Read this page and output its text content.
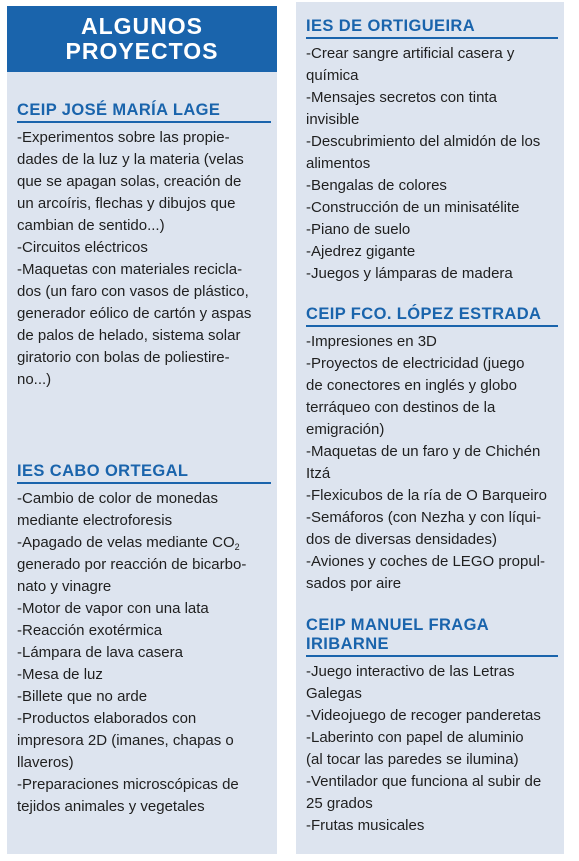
ALGUNOS
PROYECTOS
CEIP JOSÉ MARÍA LAGE
-Experimentos sobre las propie-
dades de la luz y la materia (velas
que se apagan solas, creación de
un arcoíris, flechas y dibujos que
cambian de sentido...)
-Circuitos eléctricos
-Maquetas con materiales recicla-
dos (un faro con vasos de plástico,
generador eólico de cartón y aspas
de palos de helado, sistema solar
giratorio con bolas de poliestire-
no...)
IES CABO ORTEGAL
-Cambio de color de monedas
mediante electroforesis
-Apagado de velas mediante $CO_2$
generado por reacción de bicarbo-
nato y vinagre
-Motor de vapor con una lata
-Reacción exotérmica
-Lámpara de lava casera
-Mesa de luz
-Billete que no arde
-Productos elaborados con
impresora 2D (imanes, chapas o
llaveros)
-Preparaciones microscópicas de
tejidos animales y vegetales
IES DE ORTIGUEIRA
-Crear sangre artificial casera y
química
-Mensajes secretos con tinta
invisible
-Descubrimiento del almidón de los
alimentos
-Bengalas de colores
-Construcción de un minisatélite
-Piano de suelo
-Ajedrez gigante
-Juegos y lámparas de madera
CEIP FCO. LÓPEZ ESTRADA
-Impresiones en 3D
-Proyectos de electricidad (juego
de conectores en inglés y globo
terráqueo con destinos de la
emigración)
-Maquetas de un faro y de Chichén
Itzá
-Flexicubos de la ría de O Barqueiro
-Semáforos (con Nezha y con líqui-
dos de diversas densidades)
-Aviones y coches de LEGO propul-
sados por aire
CEIP MANUEL FRAGA
IRIBARNE
-Juego interactivo de las Letras
Galegas
-Videojuego de recoger panderetas
-Laberinto con papel de aluminio
(al tocar las paredes se ilumina)
-Ventilador que funciona al subir de
25 grados
-Frutas musicales
